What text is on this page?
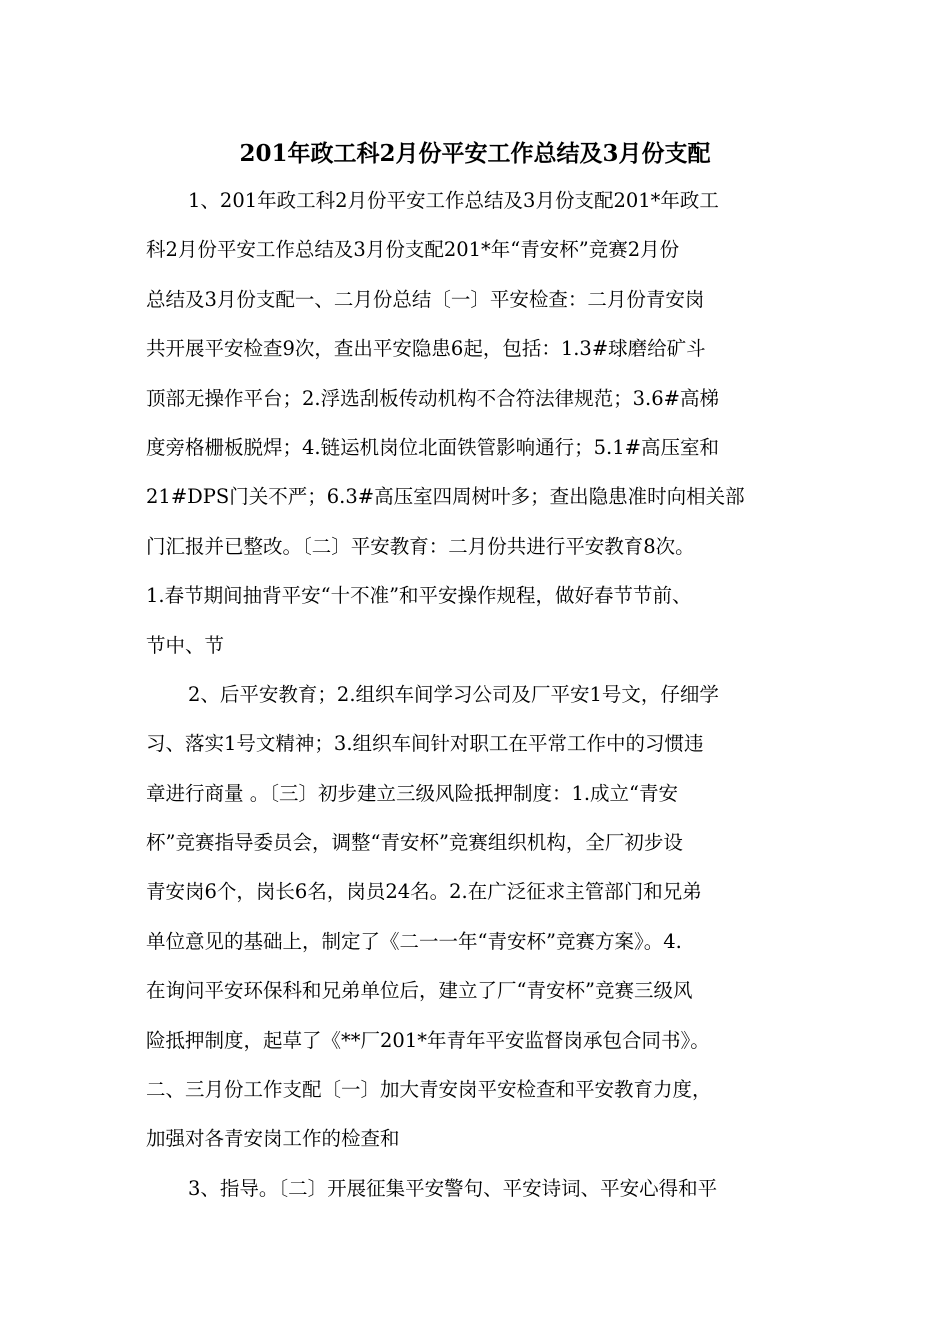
201年政工科2月份平安工作总结及3月份支配
1、201年政工科2月份平安工作总结及3月份支配201*年政工
科2月份平安工作总结及3月份支配201*年“青安杯”竞赛2月份
总结及3月份支配一、二月份总结〔一〕平安检查：二月份青安岗
共开展平安检查9次，查出平安隐患6起，包括：1.3#球磨给矿斗
顶部无操作平台；2.浮选刮板传动机构不合符法律规范；3.6#高梯
度旁格栅板脱焊；4.链运机岗位北面铁管影响通行；5.1#高压室和
21#DPS门关不严；6.3#高压室四周树叶多；查出隐患准时向相关部
门汇报并已整改。〔二〕平安教育：二月份共进行平安教育8次。
1.春节期间抽背平安“十不准”和平安操作规程，做好春节节前、
节中、节
2、后平安教育；2.组织车间学习公司及厂平安1号文，仔细学
习、落实1号文精神；3.组织车间针对职工在平常工作中的习惯违
章进行商量 。〔三〕初步建立三级风险抵押制度：1.成立“青安
杯”竞赛指导委员会，调整“青安杯”竞赛组织机构，全厂初步设
青安岗6个，岗长6名，岗员24名。2.在广泛征求主管部门和兄弟
单位意见的基础上，制定了《二一一年“青安杯”竞赛方案》。4.
在询问平安环保科和兄弟单位后，建立了厂“青安杯”竞赛三级风
险抵押制度，起草了《**厂201*年青年平安监督岗承包合同书》。
二、三月份工作支配〔一〕加大青安岗平安检查和平安教育力度，
加强对各青安岗工作的检查和
3、指导。〔二〕开展征集平安警句、平安诗词、平安心得和平
